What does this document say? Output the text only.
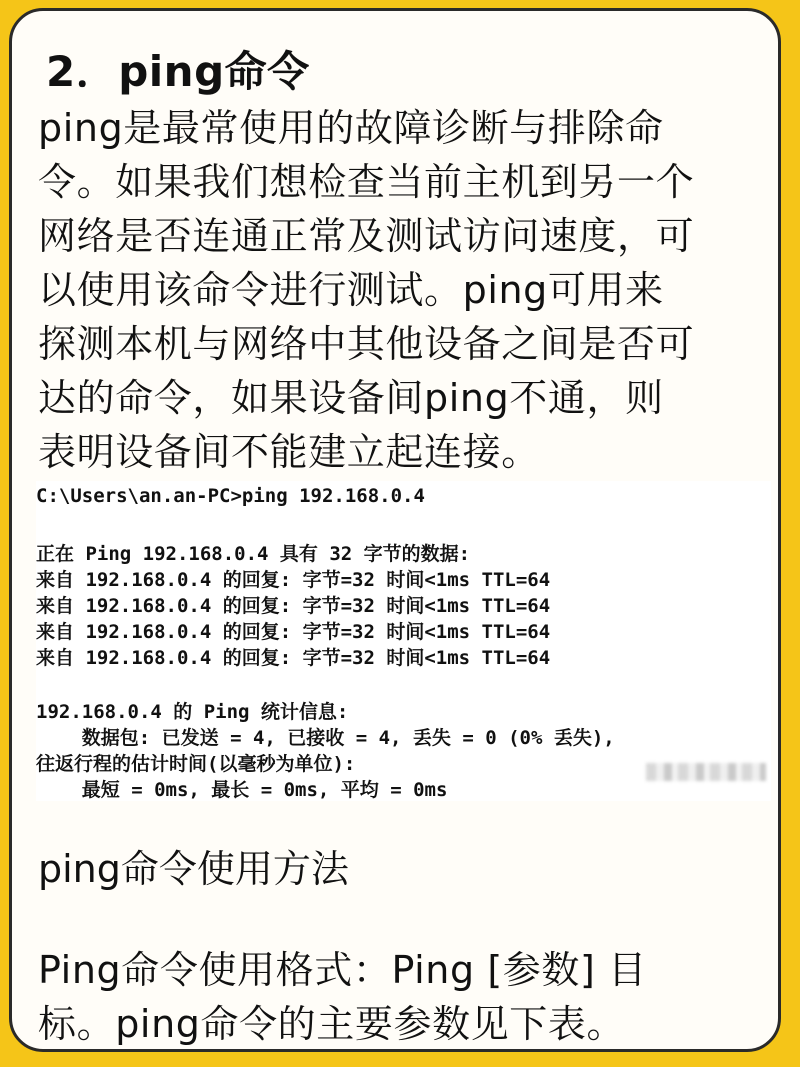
2．ping命令
ping是最常使用的故障诊断与排除命
令。如果我们想检查当前主机到另一个
网络是否连通正常及测试访问速度，可
以使用该命令进行测试。ping可用来
探测本机与网络中其他设备之间是否可
达的命令，如果设备间ping不通，则
表明设备间不能建立起连接。
C:\Users\an.an-PC>ping 192.168.0.4
正在 Ping 192.168.0.4 具有 32 字节的数据:
来自 192.168.0.4 的回复: 字节=32 时间<1ms TTL=64
来自 192.168.0.4 的回复: 字节=32 时间<1ms TTL=64
来自 192.168.0.4 的回复: 字节=32 时间<1ms TTL=64
来自 192.168.0.4 的回复: 字节=32 时间<1ms TTL=64
192.168.0.4 的 Ping 统计信息:
数据包: 已发送 = 4, 已接收 = 4, 丢失 = 0 (0% 丢失),
往返行程的估计时间(以毫秒为单位):
最短 = 0ms, 最长 = 0ms, 平均 = 0ms
ping命令使用方法
Ping命令使用格式：Ping [参数] 目
标。ping命令的主要参数见下表。
